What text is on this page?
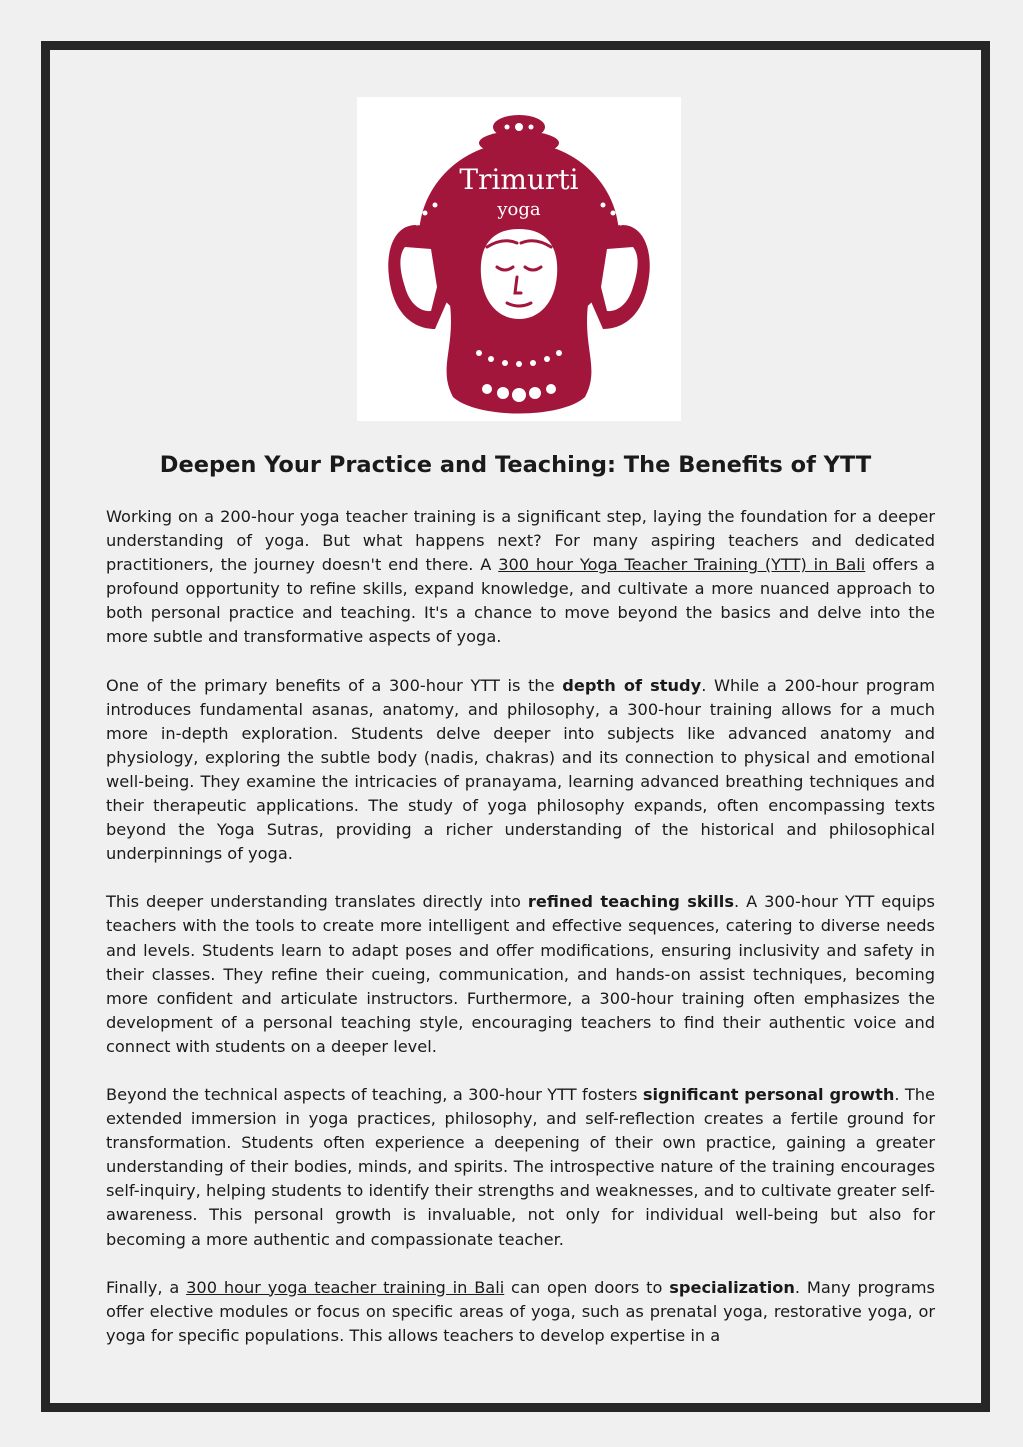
Trimurti
yoga
Deepen Your Practice and Teaching: The Benefits of YTT

Working on a 200-hour yoga teacher training is a significant step, laying the foundation for a deeper understanding of yoga. But what happens next? For many aspiring teachers and dedicated practitioners, the journey doesn't end there. A 300 hour Yoga Teacher Training (YTT) in Bali offers a profound opportunity to refine skills, expand knowledge, and cultivate a more nuanced approach to both personal practice and teaching. It's a chance to move beyond the basics and delve into the more subtle and transformative aspects of yoga.

One of the primary benefits of a 300-hour YTT is the depth of study. While a 200-hour program introduces fundamental asanas, anatomy, and philosophy, a 300-hour training allows for a much more in-depth exploration. Students delve deeper into subjects like advanced anatomy and physiology, exploring the subtle body (nadis, chakras) and its connection to physical and emotional well-being. They examine the intricacies of pranayama, learning advanced breathing techniques and their therapeutic applications. The study of yoga philosophy expands, often encompassing texts beyond the Yoga Sutras, providing a richer understanding of the historical and philosophical underpinnings of yoga.

This deeper understanding translates directly into refined teaching skills. A 300-hour YTT equips teachers with the tools to create more intelligent and effective sequences, catering to diverse needs and levels. Students learn to adapt poses and offer modifications, ensuring inclusivity and safety in their classes. They refine their cueing, communication, and hands-on assist techniques, becoming more confident and articulate instructors. Furthermore, a 300-hour training often emphasizes the development of a personal teaching style, encouraging teachers to find their authentic voice and connect with students on a deeper level.

Beyond the technical aspects of teaching, a 300-hour YTT fosters significant personal growth. The extended immersion in yoga practices, philosophy, and self-reflection creates a fertile ground for transformation. Students often experience a deepening of their own practice, gaining a greater understanding of their bodies, minds, and spirits. The introspective nature of the training encourages self-inquiry, helping students to identify their strengths and weaknesses, and to cultivate greater self-awareness. This personal growth is invaluable, not only for individual well-being but also for becoming a more authentic and compassionate teacher.

Finally, a 300 hour yoga teacher training in Bali can open doors to specialization. Many programs offer elective modules or focus on specific areas of yoga, such as prenatal yoga, restorative yoga, or yoga for specific populations. This allows teachers to develop expertise in a
